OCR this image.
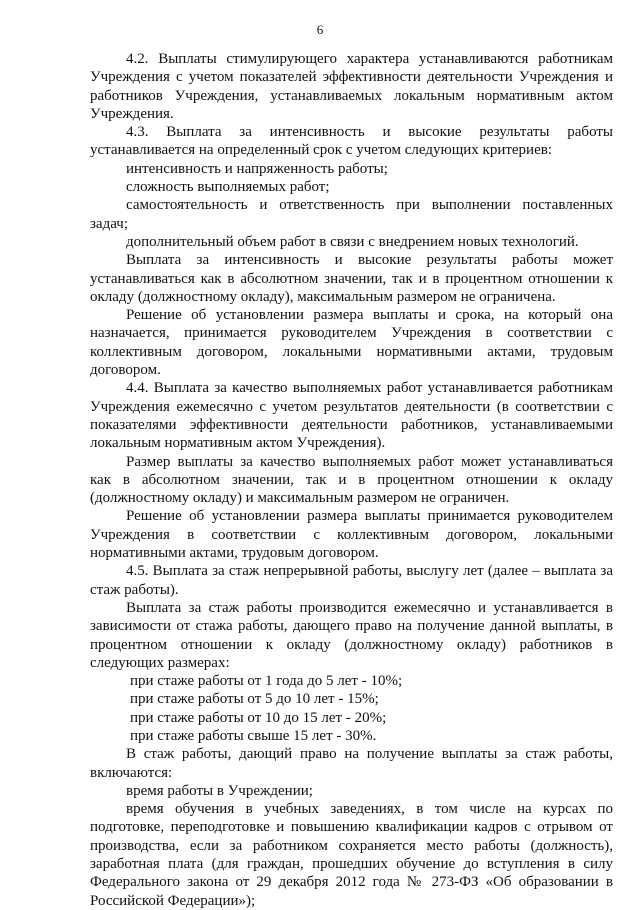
6

4.2. Выплаты стимулирующего характера устанавливаются работникам Учреждения с учетом показателей эффективности деятельности Учреждения и работников Учреждения, устанавливаемых локальным нормативным актом Учреждения.

4.3. Выплата за интенсивность и высокие результаты работы устанавливается на определенный срок с учетом следующих критериев:

интенсивность и напряженность работы;

сложность выполняемых работ;

самостоятельность и ответственность при выполнении поставленных задач;

дополнительный объем работ в связи с внедрением новых технологий.

Выплата за интенсивность и высокие результаты работы может устанавливаться как в абсолютном значении, так и в процентном отношении к окладу (должностному окладу), максимальным размером не ограничена.

Решение об установлении размера выплаты и срока, на который она назначается, принимается руководителем Учреждения в соответствии с коллективным договором, локальными нормативными актами, трудовым договором.

4.4. Выплата за качество выполняемых работ устанавливается работникам Учреждения ежемесячно с учетом результатов деятельности (в соответствии с показателями эффективности деятельности работников, устанавливаемыми локальным нормативным актом Учреждения).

Размер выплаты за качество выполняемых работ может устанавливаться как в абсолютном значении, так и в процентном отношении к окладу (должностному окладу) и максимальным размером не ограничен.

Решение об установлении размера выплаты принимается руководителем Учреждения в соответствии с коллективным договором, локальными нормативными актами, трудовым договором.

4.5. Выплата за стаж непрерывной работы, выслугу лет (далее – выплата за стаж работы).

Выплата за стаж работы производится ежемесячно и устанавливается в зависимости от стажа работы, дающего право на получение данной выплаты, в процентном отношении к окладу (должностному окладу) работников в следующих размерах:

при стаже работы от 1 года до 5 лет - 10%;

при стаже работы от 5 до 10 лет - 15%;

при стаже работы от 10 до 15 лет - 20%;

при стаже работы свыше 15 лет - 30%.

В стаж работы, дающий право на получение выплаты за стаж работы, включаются:

время работы в Учреждении;

время обучения в учебных заведениях, в том числе на курсах по подготовке, переподготовке и повышению квалификации кадров с отрывом от производства, если за работником сохраняется место работы (должность), заработная плата (для граждан, прошедших обучение до вступления в силу Федерального закона от 29 декабря 2012 года № 273-ФЗ «Об образовании в Российской Федерации»);
